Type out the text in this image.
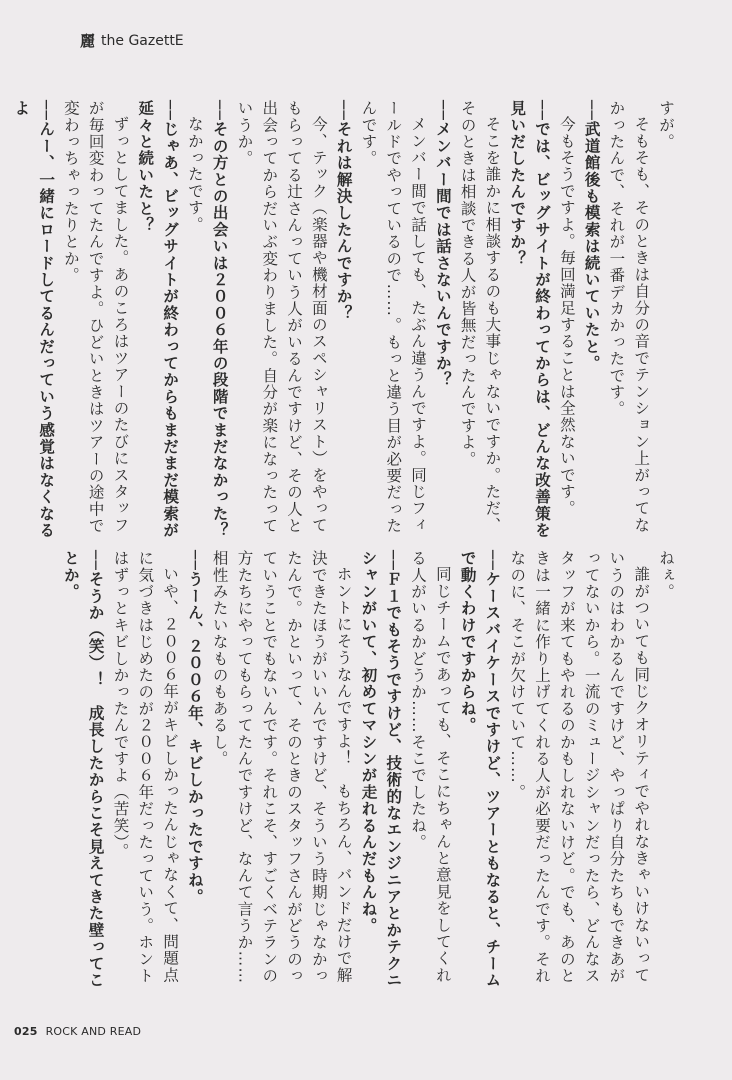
麗 the GazettE

すが。

そもそも、そのときは自分の音でテンション上がってなかったんで、それが一番デカかったです。

──武道館後も模索は続いていたと。

今もそうですよ。毎回満足することは全然ないです。

──では、ビッグサイトが終わってからは、どんな改善策を見いだしたんですか？

そこを誰かに相談するのも大事じゃないですか。ただ、そのときは相談できる人が皆無だったんですよ。

──メンバー間では話さないんですか？

メンバー間で話しても、たぶん違うんですよ。同じフィールドでやっているので……。もっと違う目が必要だったんです。

──それは解決したんですか？

今、テック（楽器や機材面のスペシャリスト）をやってもらってる辻さんっていう人がいるんですけど、その人と出会ってからだいぶ変わりました。自分が楽になったっていうか。

──その方との出会いは２００６年の段階でまだなかった？

なかったです。

──じゃあ、ビッグサイトが終わってからもまだまだ模索が延々と続いたと？

ずっとしてました。あのころはツアーのたびにスタッフが毎回変わってたんですよ。ひどいときはツアーの途中で変わっちゃったりとか。

──んー、一緒にロードしてるんだっていう感覚はなくなるよ

ねぇ。

誰がついても同じクオリティでやれなきゃいけないっていうのはわかるんですけど、やっぱり自分たちもできあがってないから。一流のミュージシャンだったら、どんなスタッフが来てもやれるのかもしれないけど。でも、あのときは一緒に作り上げてくれる人が必要だったんです。それなのに、そこが欠けていて……。

──ケースバイケースですけど、ツアーともなると、チームで動くわけですからね。

同じチームであっても、そこにちゃんと意見をしてくれる人がいるかどうか……そこでしたね。

──Ｆ１でもそうですけど、技術的なエンジニアとかテクニシャンがいて、初めてマシンが走れるんだもんね。

ホントにそうなんですよ！　もちろん、バンドだけで解決できたほうがいいんですけど、そういう時期じゃなかったんで。かといって、そのときのスタッフさんがどうのっていうことでもないんです。それこそ、すごくベテランの方たちにやってもらってたんですけど、なんて言うか……相性みたいなものもあるし。

──うーん、２００６年、キビしかったですね。

いや、２００６年がキビしかったんじゃなくて、問題点に気づきはじめたのが２００６年だったっていう。ホントはずっとキビしかったんですよ（苦笑）。

──そうか（笑）！　成長したからこそ見えてきた壁ってことか。

025 ROCK AND READ
